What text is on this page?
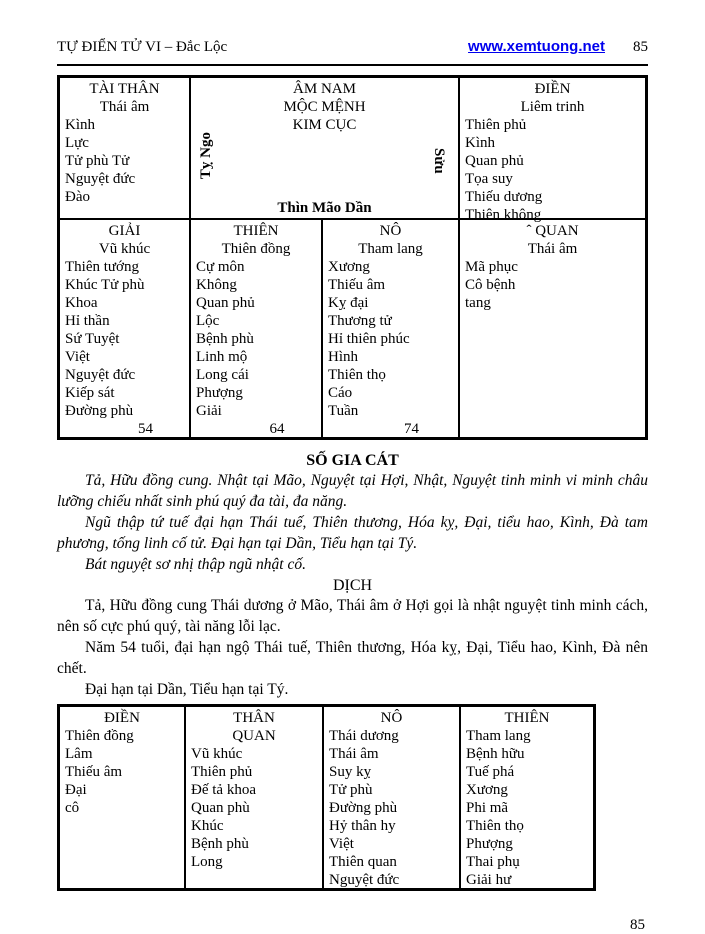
TỰ ĐIỂN TỬ VI – Đắc Lộc	www.xemtuong.net 85
TÀI THÂN
Thái âm
Kình
Lực
Tử phù Tử
Nguyệt đức
Đào
ÂM NAM
MỘC MỆNH
KIM CỤC
Tỵ Ngo	Sửu
Thìn Mão Dần
ĐIỀN
Liêm trinh
Thiên phủ
Kình
Quan phủ
Tọa suy
Thiếu dương
Thiên không
GIẢI
Vũ khúc
Thiên tướng
Khúc Tử phù
Khoa
Hỉ thần
Sứ Tuyệt
Việt
Nguyệt đức
Kiếp sát
Đường phù
54
THIÊN
Thiên đồng
Cự môn
Không
Quan phủ
Lộc
Bệnh phù
Linh mộ
Long cái
Phượng
Giải
64
NÔ
Tham lang
Xương
Thiếu âm
Kỵ đại
Thương tử
Hỉ thiên phúc
Hình
Thiên thọ
Cáo
Tuần
74
ˆ QUAN
Thái âm
Mã phục
Cô bệnh
tang
SỐ GIA CÁT

Tả, Hữu đồng cung. Nhật tại Mão, Nguyệt tại Hợi, Nhật, Nguyệt tinh minh vi minh châu lưỡng chiếu nhất sinh phú quý đa tài, đa năng.

Ngũ thập tứ tuế đại hạn Thái tuế, Thiên thương, Hóa kỵ, Đại, tiểu hao, Kình, Đà tam phương, tống linh cố tử. Đại hạn tại Dần, Tiểu hạn tại Tý.

Bát nguyệt sơ nhị thập ngũ nhật cố.

DỊCH

Tả, Hữu đồng cung Thái dương ở Mão, Thái âm ở Hợi gọi là nhật nguyệt tinh minh cách, nên số cực phú quý, tài năng lỗi lạc.

Năm 54 tuổi, đại hạn ngộ Thái tuế, Thiên thương, Hóa kỵ, Đại, Tiểu hao, Kình, Đà nên chết.

Đại hạn tại Dần, Tiểu hạn tại Tý.

ĐIỀN
Thiên đồng
Lâm
Thiếu âm
Đại
cô
THÂN
QUAN
Vũ khúc
Thiên phủ
Đế tả khoa
Quan phù
Khúc
Bệnh phù
Long
NÔ
Thái dương
Thái âm
Suy kỵ
Tử phù
Đường phù
Hỷ thân hy
Việt
Thiên quan
Nguyệt đức
THIÊN
Tham lang
Bệnh hữu
Tuế phá
Xương
Phi mã
Thiên thọ
Phượng
Thai phụ
Giải hư
85
